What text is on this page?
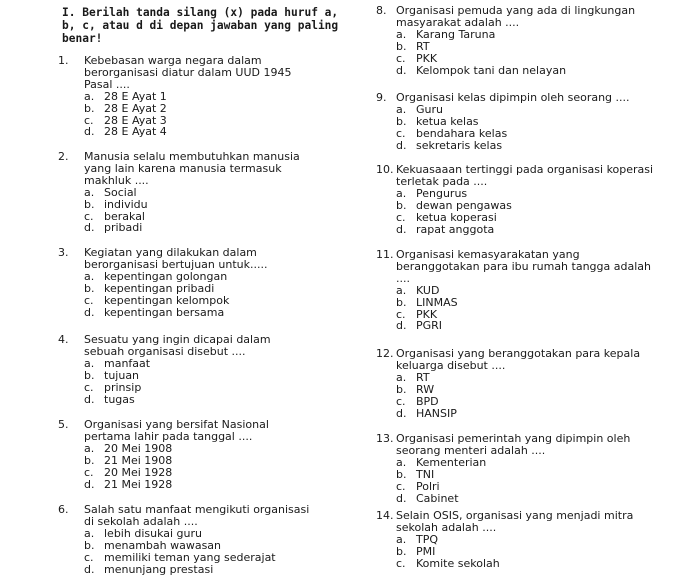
I. Berilah tanda silang (x) pada huruf a, b, c, atau d di depan jawaban yang paling benar!
1. Kebebasan warga negara dalam berorganisasi diatur dalam UUD 1945 Pasal ....
a. 28 E Ayat 1
b. 28 E Ayat 2
c. 28 E Ayat 3
d. 28 E Ayat 4
2. Manusia selalu membutuhkan manusia yang lain karena manusia termasuk makhluk ....
a. Social
b. individu
c. berakal
d. pribadi
3. Kegiatan yang dilakukan dalam berorganisasi bertujuan untuk.....
a. kepentingan golongan
b. kepentingan pribadi
c. kepentingan kelompok
d. kepentingan bersama
4. Sesuatu yang ingin dicapai dalam sebuah organisasi disebut ....
a. manfaat
b. tujuan
c. prinsip
d. tugas
5. Organisasi yang bersifat Nasional pertama lahir pada tanggal ....
a. 20 Mei 1908
b. 21 Mei 1908
c. 20 Mei 1928
d. 21 Mei 1928
6. Salah satu manfaat mengikuti organisasi di sekolah adalah ....
a. lebih disukai guru
b. menambah wawasan
c. memiliki teman yang sederajat
d. menunjang prestasi
8. Organisasi pemuda yang ada di lingkungan masyarakat adalah ....
a. Karang Taruna
b. RT
c. PKK
d. Kelompok tani dan nelayan
9. Organisasi kelas dipimpin oleh seorang ....
a. Guru
b. ketua kelas
c. bendahara kelas
d. sekretaris kelas
10. Kekuasaaan tertinggi pada organisasi koperasi terletak pada ....
a. Pengurus
b. dewan pengawas
c. ketua koperasi
d. rapat anggota
11. Organisasi kemasyarakatan yang beranggotakan para ibu rumah tangga adalah ....
a. KUD
b. LINMAS
c. PKK
d. PGRI
12. Organisasi yang beranggotakan para kepala keluarga disebut ....
a. RT
b. RW
c. BPD
d. HANSIP
13. Organisasi pemerintah yang dipimpin oleh seorang menteri adalah ....
a. Kementerian
b. TNI
c. Polri
d. Cabinet
14. Selain OSIS, organisasi yang menjadi mitra sekolah adalah ....
a. TPQ
b. PMI
c. Komite sekolah
